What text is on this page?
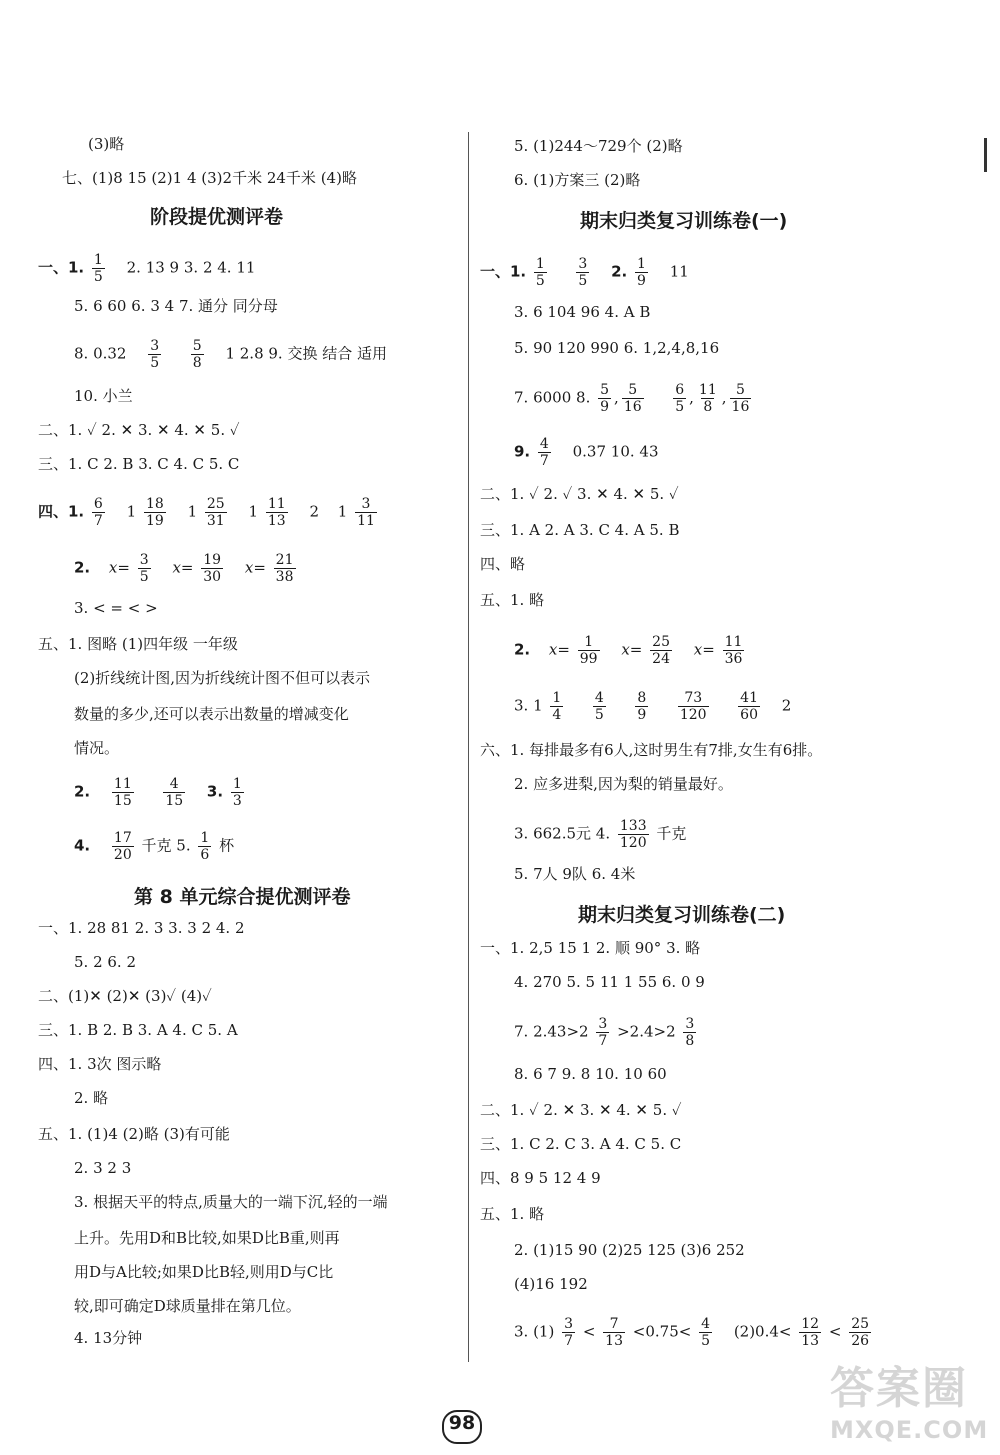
(3)略
七、(1)8 15 (2)1 4 (3)2千米 24千米 (4)略
阶段提优测评卷
一、1. $\frac{1}{5} 2$. 13 9 3. 2 4. 11
5. 6 60 6. 3 4 7. 通分 同分母
8. $0.32 \frac{3}{5}$
$\frac{5}{8} 1$ 2.8 9. 交换 结合 适用
10. 小兰
二、1. ✓ 2. ✕ 3. ✕ 4. ✕ 5. ✓
三、1. C 2. B 3. C 4. C 5. C
四、1. $\frac{6}{7} 1 \frac{18}{19} 1 \frac{25}{31} 1 \frac{11}{13} 2$ $1 \frac{3}{11}$
2. $x= \frac{3}{5} x= \frac{19}{30} x= \frac{21}{38}$
3. < = < >
五、1. 图略 (1)四年级 一年级
(2)折线统计图,因为折线统计图不但可以表示
数量的多少,还可以表示出数量的增减变化
情况。
2. $\frac{11}{15}$
$\frac{4}{15} 3$. $\frac{1}{3}$
4. $\frac{17}{20}$ 千克 5. $\frac{1}{6}$ 杯
第 8 单元综合提优测评卷
一、1. 28 81 2. 3 3. 3 2 4. 2
5. 2 6. 2
二、(1)✕ (2)✕ (3)✓ (4)✓
三、1. B 2. B 3. A 4. C 5. A
四、1. 3次 图示略
2. 略
五、1. (1)4 (2)略 (3)有可能
2. 3 2 3
3. 根据天平的特点,质量大的一端下沉,轻的一端
上升。先用D和B比较,如果D比B重,则再
用D与A比较;如果D比B轻,则用D与C比
较,即可确定D球质量排在第几位。
4. 13分钟
5. (1)244～729个 (2)略
6. (1)方案三 (2)略
期末归类复习训练卷(一)
一、1. $\frac{1}{5}$
$\frac{3}{5} 2$. $\frac{1}{9} 11$
3. 6 104 96 4. A B
5. 90 120 990 6. 1,2,4,8,16
7. 6000 8. $\frac{5}{9}$ , $\frac{5}{16}$
$\frac{6}{5}$ , $\frac{11}{8}$ , $\frac{5}{16}$
9. $\frac{4}{7} 0.37$ 10. 43
二、1. ✓ 2. ✓ 3. ✕ 4. ✕ 5. ✓
三、1. A 2. A 3. C 4. A 5. B
四、略
五、1. 略
2. $x= \frac{1}{99} x= \frac{25}{24} x= \frac{11}{36}$
3. $1 \frac{1}{4}$
$\frac{4}{5}$
$\frac{8}{9}$
$\frac{73}{120}$
$\frac{41}{60} 2$
六、1. 每排最多有6人,这时男生有7排,女生有6排。
2. 应多进梨,因为梨的销量最好。
3. 662.5元 4. $\frac{133}{120}$ 千克
5. 7人 9队 6. 4米
期末归类复习训练卷(二)
一、1. 2,5 15 1 2. 顺 90° 3. 略
4. 270 5. 5 11 1 55 6. 0 9
7. $2.43>2 \frac{3}{7} >2.4>2 \frac{3}{8}$
8. 6 7 9. 8 10. 10 60
二、1. ✓ 2. ✕ 3. ✕ 4. ✕ 5. ✓
三、1. C 2. C 3. A 4. C 5. C
四、8 9 5 12 4 9
五、1. 略
2. (1)15 90 (2)25 125 (3)6 252
(4)16 192
3. $(1) \frac{3}{7} < \frac{7}{13} <0.75< \frac{4}{5} (2)0.4< \frac{12}{13} < \frac{25}{26}$
98
答案圈
MXQE.COM
